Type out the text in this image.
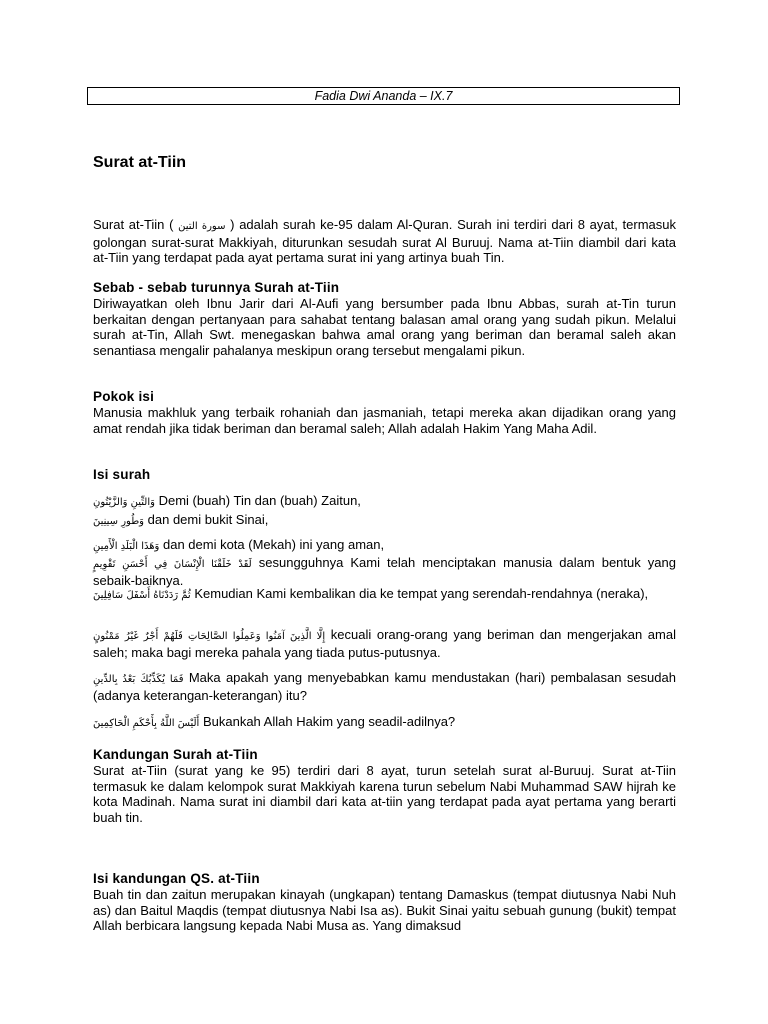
Fadia Dwi Ananda – IX.7
Surat at-Tiin

Surat at-Tiin ( سورة التين ) adalah surah ke-95 dalam Al-Quran. Surah ini terdiri dari 8 ayat, termasuk golongan surat-surat Makkiyah, diturunkan sesudah surat Al Buruuj. Nama at-Tiin diambil dari kata at-Tiin yang terdapat pada ayat pertama surat ini yang artinya buah Tin.

Sebab - sebab turunnya Surah at-Tiin

Diriwayatkan oleh Ibnu Jarir dari Al-Aufi yang bersumber pada Ibnu Abbas, surah at-Tin turun berkaitan dengan pertanyaan para sahabat tentang balasan amal orang yang sudah pikun. Melalui surah at-Tin, Allah Swt. menegaskan bahwa amal orang yang beriman dan beramal saleh akan senantiasa mengalir pahalanya meskipun orang tersebut mengalami pikun.

Pokok isi

Manusia makhluk yang terbaik rohaniah dan jasmaniah, tetapi mereka akan dijadikan orang yang amat rendah jika tidak beriman dan beramal saleh; Allah adalah Hakim Yang Maha Adil.

Isi surah
وَالتِّينِ وَالزَّيْتُونِ Demi (buah) Tin dan (buah) Zaitun,
وَطُورِ سِينِينَ dan demi bukit Sinai,
وَهَذَا الْبَلَدِ الْأَمِينِ dan demi kota (Mekah) ini yang aman,
لَقَدْ خَلَقْنَا الْإِنْسَانَ فِي أَحْسَنِ تَقْوِيمٍ sesungguhnya Kami telah menciptakan manusia dalam bentuk yang sebaik-baiknya.
ثُمَّ رَدَدْنَاهُ أَسْفَلَ سَافِلِينَ Kemudian Kami kembalikan dia ke tempat yang serendah-rendahnya (neraka),
إِلَّا الَّذِينَ آمَنُوا وَعَمِلُوا الصَّالِحَاتِ فَلَهُمْ أَجْرٌ غَيْرُ مَمْنُونٍ kecuali orang-orang yang beriman dan mengerjakan amal saleh; maka bagi mereka pahala yang tiada putus-putusnya.
فَمَا يُكَذِّبُكَ بَعْدُ بِالدِّينِ Maka apakah yang menyebabkan kamu mendustakan (hari) pembalasan sesudah (adanya keterangan-keterangan) itu?
أَلَيْسَ اللَّهُ بِأَحْكَمِ الْحَاكِمِينَ Bukankah Allah Hakim yang seadil-adilnya?
Kandungan Surah at-Tiin

Surat at-Tiin (surat yang ke 95) terdiri dari 8 ayat, turun setelah surat al-Buruuj. Surat at-Tiin termasuk ke dalam kelompok surat Makkiyah karena turun sebelum Nabi Muhammad SAW hijrah ke kota Madinah. Nama surat ini diambil dari kata at-tiin yang terdapat pada ayat pertama yang berarti buah tin.

Isi kandungan QS. at-Tiin

Buah tin dan zaitun merupakan kinayah (ungkapan) tentang Damaskus (tempat diutusnya Nabi Nuh as) dan Baitul Maqdis (tempat diutusnya Nabi Isa as). Bukit Sinai yaitu sebuah gunung (bukit) tempat Allah berbicara langsung kepada Nabi Musa as. Yang dimaksud
